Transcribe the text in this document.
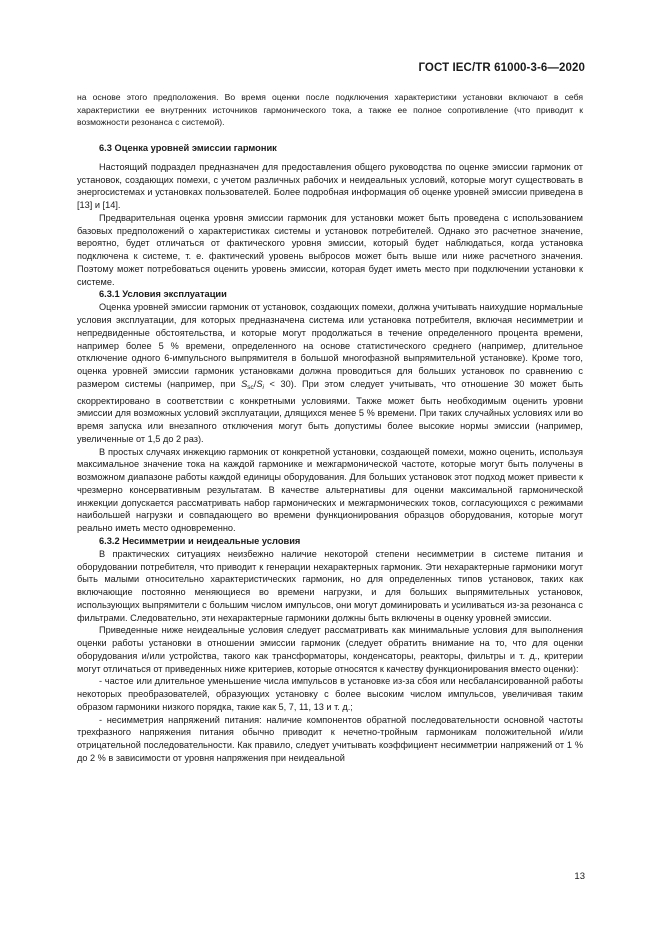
ГОСТ IEC/TR 61000-3-6—2020

на основе этого предположения. Во время оценки после подключения характеристики установки включают в себя характеристики ее внутренних источников гармонического тока, а также ее полное сопротивление (что приводит к возможности резонанса с системой).

6.3 Оценка уровней эмиссии гармоник

Настоящий подраздел предназначен для предоставления общего руководства по оценке эмиссии гармоник от установок, создающих помехи, с учетом различных рабочих и неидеальных условий, которые могут существовать в энергосистемах и установках пользователей. Более подробная информация об оценке уровней эмиссии приведена в [13] и [14].

Предварительная оценка уровня эмиссии гармоник для установки может быть проведена с использованием базовых предположений о характеристиках системы и установок потребителей. Однако это расчетное значение, вероятно, будет отличаться от фактического уровня эмиссии, который будет наблюдаться, когда установка подключена к системе, т. е. фактический уровень выбросов может быть выше или ниже расчетного значения. Поэтому может потребоваться оценить уровень эмиссии, которая будет иметь место при подключении установки к системе.

6.3.1 Условия эксплуатации

Оценка уровней эмиссии гармоник от установок, создающих помехи, должна учитывать наихудшие нормальные условия эксплуатации, для которых предназначена система или установка потребителя, включая несимметрии и непредвиденные обстоятельства, и которые могут продолжаться в течение определенного процента времени, например более 5 % времени, определенного на основе статистического среднего (например, длительное отключение одного 6-импульсного выпрямителя в большой многофазной выпрямительной установке). Кроме того, оценка уровней эмиссии гармоник установками должна проводиться для больших установок по сравнению с размером системы (например, при $S_{sc}/S_i < 30$). При этом следует учитывать, что отношение 30 может быть скорректировано в соответствии с конкретными условиями. Также может быть необходимым оценить уровни эмиссии для возможных условий эксплуатации, длящихся менее 5 % времени. При таких случайных условиях или во время запуска или внезапного отключения могут быть допустимы более высокие нормы эмиссии (например, увеличенные от 1,5 до 2 раз).

В простых случаях инжекцию гармоник от конкретной установки, создающей помехи, можно оценить, используя максимальное значение тока на каждой гармонике и межгармонической частоте, которые могут быть получены в возможном диапазоне работы каждой единицы оборудования. Для больших установок этот подход может привести к чрезмерно консервативным результатам. В качестве альтернативы для оценки максимальной гармонической инжекции допускается рассматривать набор гармонических и межгармонических токов, согласующихся с режимами наибольшей нагрузки и совпадающего во времени функционирования образцов оборудования, которые могут реально иметь место одновременно.

6.3.2 Несимметрии и неидеальные условия

В практических ситуациях неизбежно наличие некоторой степени несимметрии в системе питания и оборудовании потребителя, что приводит к генерации нехарактерных гармоник. Эти нехарактерные гармоники могут быть малыми относительно характеристических гармоник, но для определенных типов установок, таких как включающие постоянно меняющиеся во времени нагрузки, и для больших выпрямительных установок, использующих выпрямители с большим числом импульсов, они могут доминировать и усиливаться из-за резонанса с фильтрами. Следовательно, эти нехарактерные гармоники должны быть включены в оценку уровней эмиссии.

Приведенные ниже неидеальные условия следует рассматривать как минимальные условия для выполнения оценки работы установки в отношении эмиссии гармоник (следует обратить внимание на то, что для оценки оборудования и/или устройства, такого как трансформаторы, конденсаторы, реакторы, фильтры и т. д., критерии могут отличаться от приведенных ниже критериев, которые относятся к качеству функционирования вместо оценки):

- частое или длительное уменьшение числа импульсов в установке из-за сбоя или несбалансированной работы некоторых преобразователей, образующих установку с более высоким числом импульсов, увеличивая таким образом гармоники низкого порядка, такие как 5, 7, 11, 13 и т. д.;

- несимметрия напряжений питания: наличие компонентов обратной последовательности основной частоты трехфазного напряжения питания обычно приводит к нечетно-тройным гармоникам положительной и/или отрицательной последовательности. Как правило, следует учитывать коэффициент несимметрии напряжений от 1 % до 2 % в зависимости от уровня напряжения при неидеальной

13
